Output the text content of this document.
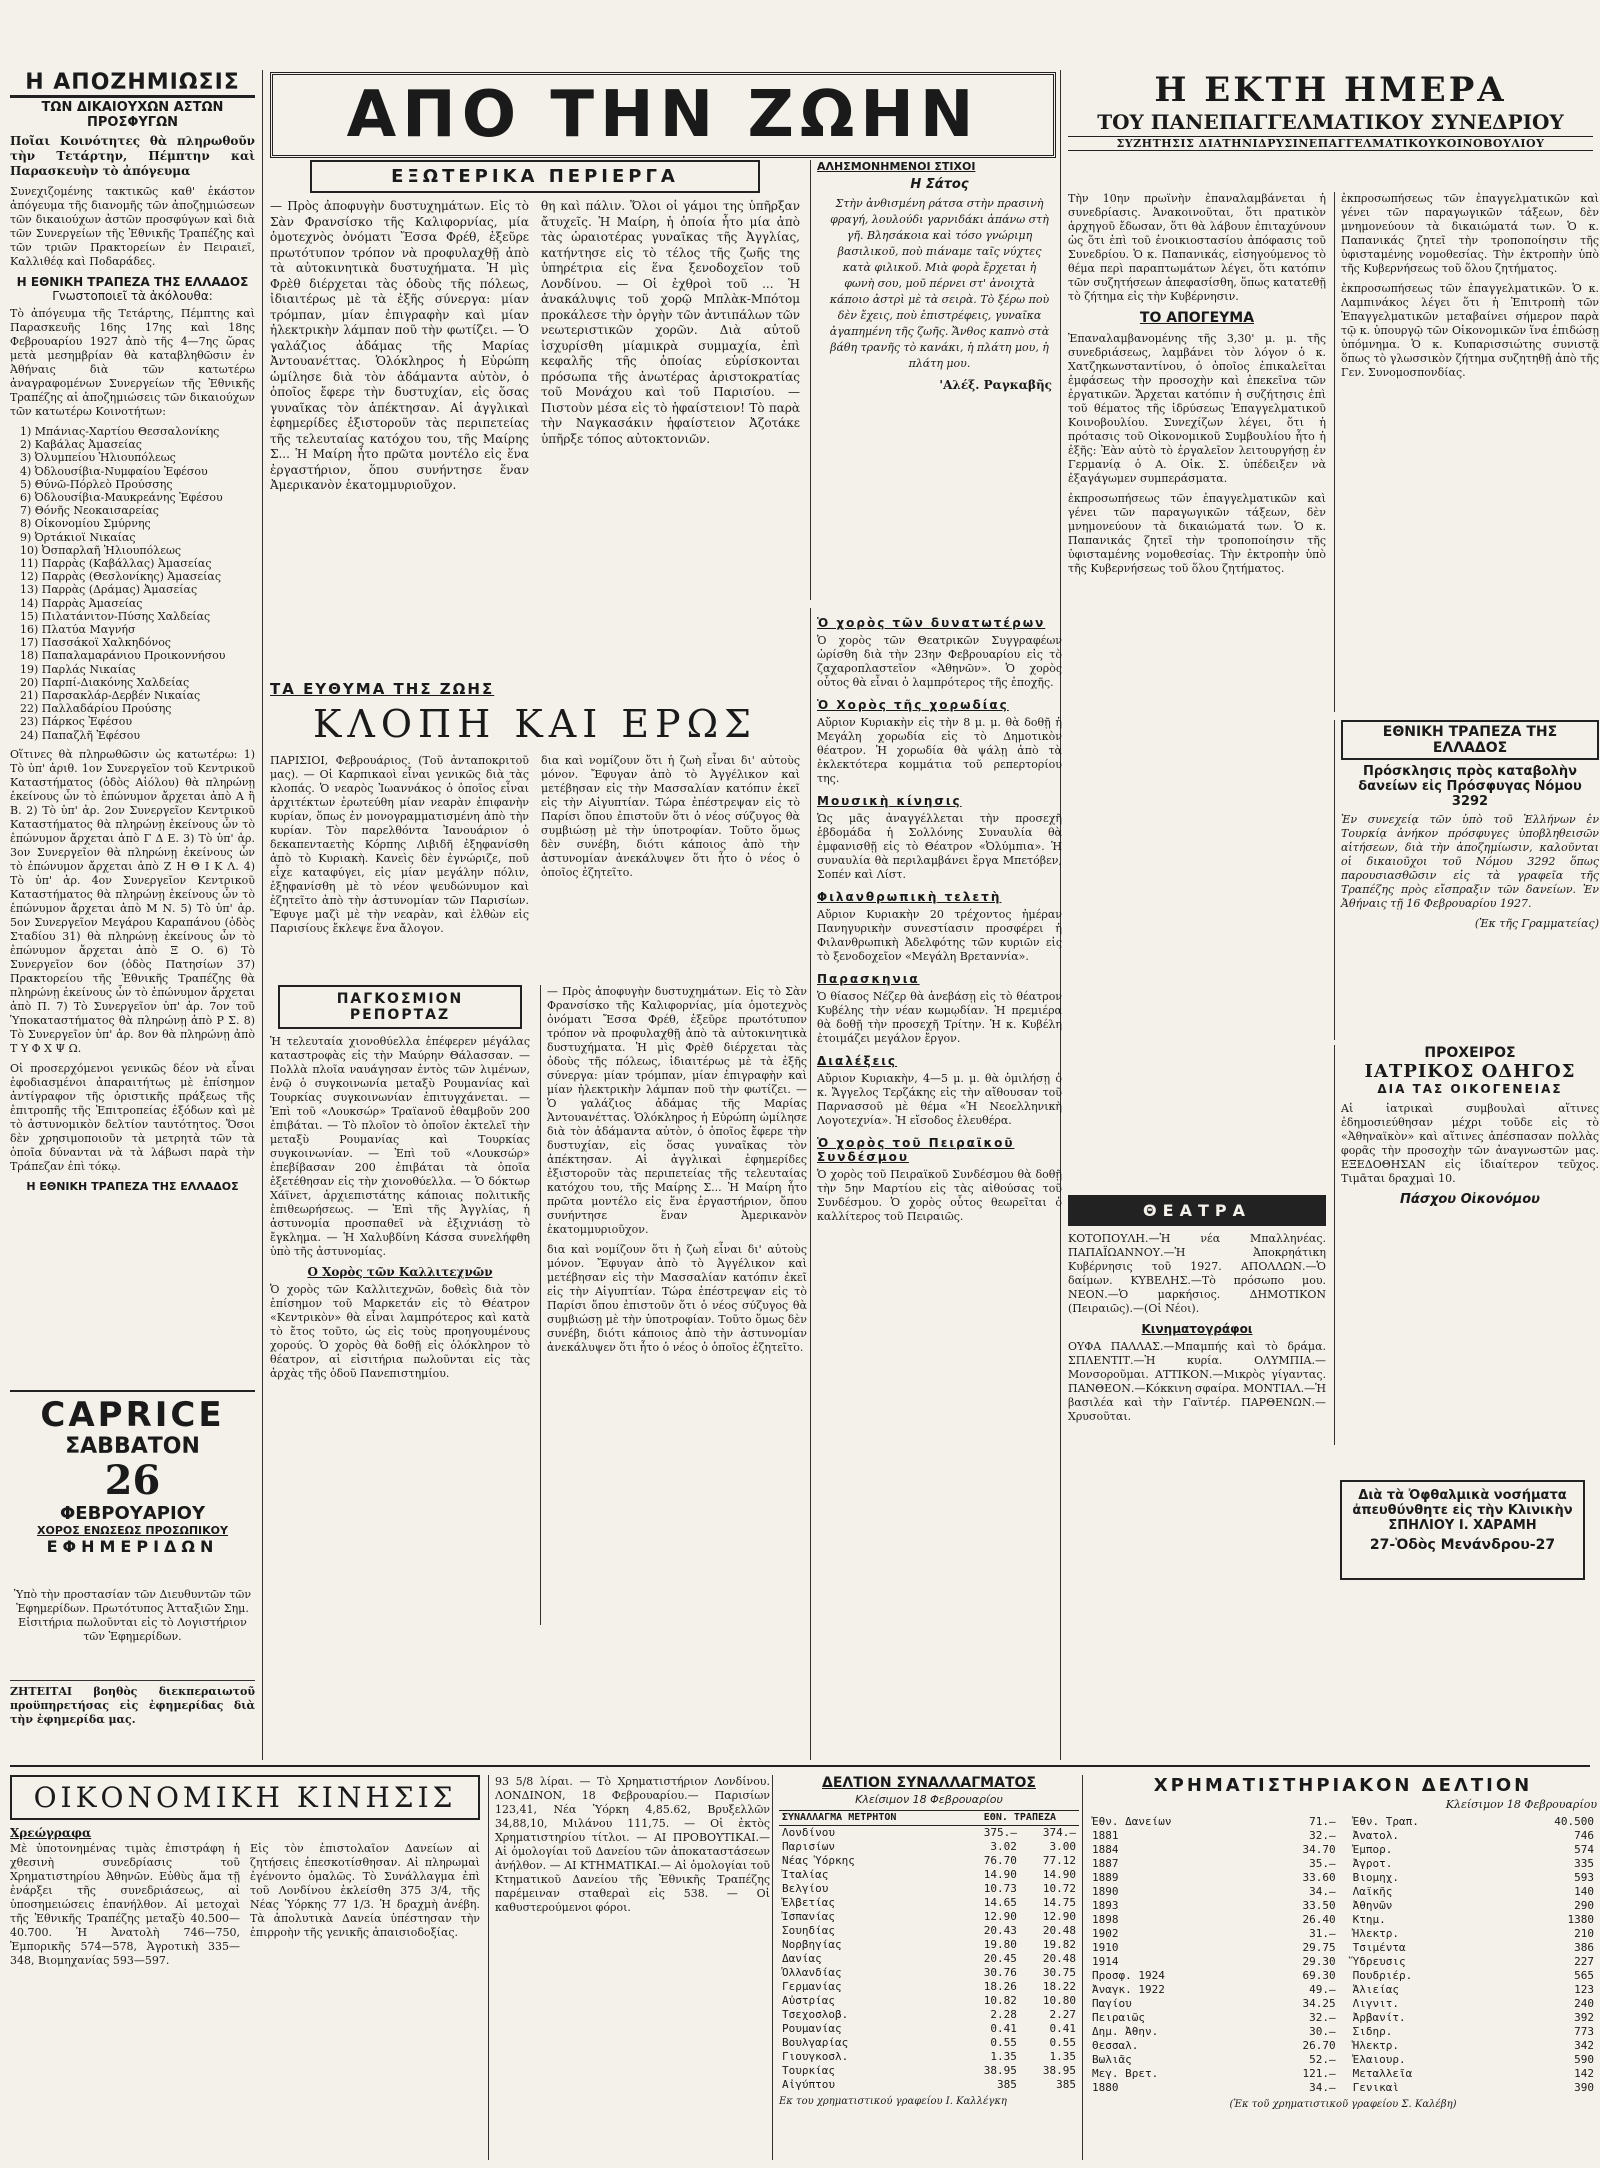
Η ΑΠΟΖΗΜΙΩΣΙΣ
ΤΩΝ ΔΙΚΑΙΟΥΧΩΝ ΑΣΤΩΝ ΠΡΟΣΦΥΓΩΝ

Ποῖαι Κοινότητες θὰ πληρωθοῦν τὴν Τετάρτην, Πέμπτην καὶ Παρασκευὴν τὸ ἀπόγευμα

Συνεχιζομένης τακτικῶς καθ' ἑκάστον ἀπόγευμα τῆς διανομῆς τῶν ἀποζημιώσεων τῶν δικαιούχων ἀστῶν προσφύγων καὶ διὰ τῶν Συνεργείων τῆς Ἐθνικῆς Τραπέζης καὶ τῶν τριῶν Πρακτορείων ἐν Πειραιεῖ, Καλλιθέᾳ καὶ Ποδαράδες.

Η ΕΘΝΙΚΗ ΤΡΑΠΕΖΑ ΤΗΣ ΕΛΛΑΔΟΣ
Γνωστοποιεῖ τὰ ἀκόλουθα:

Τὸ ἀπόγευμα τῆς Τετάρτης, Πέμπτης καὶ Παρασκευῆς 16ης 17ης καὶ 18ης Φεβρουαρίου 1927 ἀπὸ τῆς 4—7ης ὥρας μετὰ μεσημβρίαν θὰ καταβληθῶσιν ἐν Ἀθήναις διὰ τῶν κατωτέρω ἀναγραφομένων Συνεργείων τῆς Ἐθνικῆς Τραπέζης αἱ ἀποζημιώσεις τῶν δικαιούχων τῶν κατωτέρω Κοινοτήτων:

1) Μπάνιας-Χαρτίου Θεσσαλονίκης
2) Καβάλας Ἀμασείας
3) Ὀλυμπείου Ἡλιουπόλεως
4) Ὀδλουσίβια-Νυμφαίου Ἐφέσου
5) Θύνῶ-Πόρλεὸ Προύσσης
6) Ὀδλουσίβια-Μαυκρεάνης Ἐφέσου
7) Θόνῆς Νεοκαισαρείας
8) Οἰκονομίου Σμύρνης
9) Ὀρτάκιοϊ Νικαίας
10) Ὀσπαρλαῆ Ἡλιουπόλεως
11) Παρρὰς (Καβάλλας) Ἀμασείας
12) Παρρὰς (Θεσλονίκης) Ἀμασείας
13) Παρρὰς (Δράμας) Ἀμασείας
14) Παρρὰς Ἀμασείας
15) Πιλατάνιτον-Πύσης Χαλδείας
16) Πλατύα Μαγνήσ
17) Πασσάκοϊ Χαλκηδόνος
18) Παπαλαμαράνιου Προικοννήσου
19) Παρλάς Νικαίας
20) Παρπί-Διακόνης Χαλδείας
21) Παρσακλάρ-Δερβέν Νικαίας
22) Παλλαδάρίου Προύσης
23) Πάρκος Ἐφέσου
24) Παπαζλῆ Ἐφέσου

Οἵτινες θὰ πληρωθῶσιν ὡς κατωτέρω: 1) Τὸ ὑπ' ἀριθ. 1ον Συνεργεῖον τοῦ Κεντρικοῦ Καταστήματος (ὁδὸς Αἰόλου) θὰ πληρώνῃ ἐκείνους ὧν τὸ ἐπώνυμον ἄρχεται ἀπὸ Α ἢ Β. 2) Τὸ ὑπ' ἀρ. 2ον Συνεργεῖον Κεντρικοῦ Καταστήματος θὰ πληρώνῃ ἐκείνους ὧν τὸ ἐπώνυμον ἄρχεται ἀπὸ Γ Δ Ε. 3) Τὸ ὑπ' ἀρ. 3ον Συνεργεῖον θὰ πληρώνῃ ἐκείνους ὧν τὸ ἐπώνυμον ἄρχεται ἀπὸ Ζ Η Θ Ι Κ Λ. 4) Τὸ ὑπ' ἀρ. 4ον Συνεργεῖον Κεντρικοῦ Καταστήματος θὰ πληρώνῃ ἐκείνους ὧν τὸ ἐπώνυμον ἄρχεται ἀπὸ Μ Ν. 5) Τὸ ὑπ' ἀρ. 5ον Συνεργεῖον Μεγάρου Καραπάνου (ὁδὸς Σταδίου 31) θὰ πληρώνῃ ἐκείνους ὧν τὸ ἐπώνυμον ἄρχεται ἀπὸ Ξ Ο. 6) Τὸ Συνεργεῖον 6ον (ὁδὸς Πατησίων 37) Πρακτορείου τῆς Ἐθνικῆς Τραπέζης θὰ πληρώνῃ ἐκείνους ὧν τὸ ἐπώνυμον ἄρχεται ἀπὸ Π. 7) Τὸ Συνεργεῖον ὑπ' ἀρ. 7ον τοῦ Ὑποκαταστήματος θὰ πληρώνῃ ἀπὸ Ρ Σ. 8) Τὸ Συνεργεῖον ὑπ' ἀρ. 8ον θὰ πληρώνῃ ἀπὸ Τ Υ Φ Χ Ψ Ω.

Οἱ προσερχόμενοι γενικῶς δέον νὰ εἶναι ἐφοδιασμένοι ἀπαραιτήτως μὲ ἐπίσημον ἀντίγραφον τῆς ὁριστικῆς πράξεως τῆς ἐπιτροπῆς τῆς Ἐπιτροπείας ἐξόδων καὶ μὲ τὸ ἀστυνομικὸν δελτίον ταυτότητος. Ὅσοι δὲν χρησιμοποιοῦν τὰ μετρητὰ τῶν τὰ ὁποῖα δύνανται νὰ τὰ λάβωσι παρὰ τὴν Τράπεζαν ἐπὶ τόκῳ.

Η ΕΘΝΙΚΗ ΤΡΑΠΕΖΑ ΤΗΣ ΕΛΛΑΔΟΣ
CAPRICE
ΣΑΒΒΑΤΟΝ
26
ΦΕΒΡΟΥΑΡΙΟΥ
ΧΟΡΟΣ ΕΝΩΣΕΩΣ ΠΡΟΣΩΠΙΚΟΥ
ΕΦΗΜΕΡΙΔΩΝ

Ὑπὸ τὴν προστασίαν τῶν Διευθυντῶν τῶν Ἐφημερίδων. Πρωτότυπος Ἀτταξιῶν Σημ. Εἰσιτήρια πωλοῦνται εἰς τὸ Λογιστήριον τῶν Ἐφημερίδων.

ΖΗΤΕΙΤΑΙ βοηθὸς διεκπεραιωτοῦ προϋπηρετήσας εἰς ἐφημερίδας διὰ τὴν ἐφημερίδα μας.

ΑΠΟ ΤΗΝ ΖΩΗΝ
ΕΞΩΤΕΡΙΚΑ ΠΕΡΙΕΡΓΑ

— Πρὸς ἀποφυγὴν δυστυχημάτων. Εἰς τὸ Σὰν Φρανσίσκο τῆς Καλιφορνίας, μία ὁμοτεχνὸς ὀνόματι Ἔσσα Φρέθ, ἐξεῦρε πρωτότυπον τρόπον νὰ προφυλαχθῇ ἀπὸ τὰ αὐτοκινητικὰ δυστυχήματα. Ἡ μὶς Φρὲθ διέρχεται τὰς ὁδοὺς τῆς πόλεως, ἰδιαιτέρως μὲ τὰ ἐξῆς σύνεργα: μίαν τρόμπαν, μίαν ἐπιγραφὴν καὶ μίαν ἠλεκτρικὴν λάμπαν ποῦ τὴν φωτίζει. — Ὁ γαλάζιος ἀδάμας τῆς Μαρίας Ἀντουανέττας. Ὁλόκληρος ἡ Εὐρώπη ὡμίλησε διὰ τὸν ἀδάμαντα αὐτὸν, ὁ ὁποῖος ἔφερε τὴν δυστυχίαν, εἰς ὅσας γυναῖκας τὸν ἀπέκτησαν. Αἱ ἀγγλικαὶ ἐφημερίδες ἐξιστοροῦν τὰς περιπετείας τῆς τελευταίας κατόχου του, τῆς Μαίρης Σ... Ἡ Μαίρη ἦτο πρῶτα μοντέλο εἰς ἕνα ἐργαστήριον, ὅπου συνήντησε ἕναν Ἀμερικανὸν ἑκατομμυριοῦχον.

θη καὶ πάλιν. Ὅλοι οἱ γάμοι της ὑπῆρξαν ἄτυχεῖς. Ἡ Μαίρη, ἡ ὁποία ἦτο μία ἀπὸ τὰς ὡραιοτέρας γυναῖκας τῆς Ἀγγλίας, κατήντησε εἰς τὸ τέλος τῆς ζωῆς της ὑπηρέτρια εἰς ἕνα ξενοδοχεῖον τοῦ Λονδίνου. — Οἱ ἐχθροὶ τοῦ ... Ἡ ἀνακάλυψις τοῦ χορῷ Μπλὰκ-Μπότομ προκάλεσε τὴν ὀργὴν τῶν ἀντιπάλων τῶν νεωτεριστικῶν χορῶν. Διὰ αὐτοῦ ἰσχυρίσθη μίαμικρὰ συμμαχία, ἐπὶ κεφαλῆς τῆς ὁποίας εὑρίσκονται πρόσωπα τῆς ἀνωτέρας ἀριστοκρατίας τοῦ Μονάχου καὶ τοῦ Παρισίου. — Πιστοὺν μέσα εἰς τὸ ἡφαίστειον! Τὸ παρὰ τὴν Ναγκασάκιν ἡφαίστειον Ἀζοτάκε ὑπῆρξε τόπος αὐτοκτονιῶν.

ΑΛΗΣΜΟΝΗΜΕΝΟΙ ΣΤΙΧΟΙ
Η Σάτος

Στὴν ἀνθισμένη ράτσα στὴν πρασινὴ φραγή, λουλούδι γαρνιδάκι ἀπάνω στὴ γῆ. Βλησάκοια καὶ τόσο γνώριμη βασιλικοῦ, ποὺ πιάναμε ταῖς νύχτες κατὰ φιλικοῦ. Μιὰ φορὰ ἔρχεται ἡ φωνὴ σου, μοῦ πέρνει στ' ἀνοιχτὰ κάποιο ἀστρὶ μὲ τὰ σειρὰ. Τὸ ξέρω ποὺ δὲν ἔχεις, ποὺ ἐπιστρέφεις, γυναῖκα ἀγαπημένη τῆς ζωῆς. Ἄνθος καπνὸ στὰ βάθη τρανῆς τὸ κανάκι, ἡ πλάτη μου, ἡ πλάτη μου.

'Αλέξ. Ραγκαβῆς
Ὁ χορὸς τῶν δυνατωτέρων

Ὁ χορὸς τῶν Θεατρικῶν Συγγραφέων ὡρίσθη διὰ τὴν 23ην Φεβρουαρίου εἰς τὸ ζαχαροπλαστεῖον «Ἀθηνῶν». Ὁ χορὸς οὗτος θὰ εἶναι ὁ λαμπρότερος τῆς ἐποχῆς.

Ὁ Χορὸς τῆς χορωδίας

Αὔριον Κυριακὴν εἰς τὴν 8 μ. μ. θὰ δοθῇ ἡ Μεγάλη χορωδία εἰς τὸ Δημοτικὸν θέατρον. Ἡ χορωδία θὰ ψάλῃ ἀπὸ τὰ ἐκλεκτότερα κομμάτια τοῦ ρεπερτορίου της.

Μουσικὴ κίνησις

Ὡς μᾶς ἀναγγέλλεται τὴν προσεχῆ ἑβδομάδα ἡ Σολλόνης Συναυλία θὰ ἐμφανισθῇ εἰς τὸ Θέατρον «Ὀλύμπια». Ἡ συναυλία θὰ περιλαμβάνει ἔργα Μπετόβεν, Σοπέν καὶ Λίστ.

Φιλανθρωπικὴ τελετὴ

Αὔριον Κυριακὴν 20 τρέχοντος ἡμέραν Πανηγυρικὴν συνεστίασιν προσφέρει ἡ Φιλανθρωπικὴ Ἀδελφότης τῶν κυριῶν εἰς τὸ ξενοδοχεῖον «Μεγάλη Βρεταννία».

Παρασκηνια

Ὁ θίασος Νέζερ θὰ ἀνεβάσῃ εἰς τὸ θέατρον Κυβέλης τὴν νέαν κωμῳδίαν. Ἡ πρεμιέρα θὰ δοθῇ τὴν προσεχῆ Τρίτην. Ἡ κ. Κυβέλη ἐτοιμάζει μεγάλον ἔργον.

Διαλέξεις

Αὔριον Κυριακὴν, 4—5 μ. μ. θὰ ὁμιλήσῃ ὁ κ. Ἄγγελος Τερζάκης εἰς τὴν αἴθουσαν τοῦ Παρνασσοῦ μὲ θέμα «Ἡ Νεοελληνικὴ Λογοτεχνία». Ἡ εἴσοδος ἐλευθέρα.

Ὁ χορὸς τοῦ Πειραϊκοῦ Συνδέσμου

Ὁ χορὸς τοῦ Πειραϊκοῦ Συνδέσμου θὰ δοθῇ τὴν 5ην Μαρτίου εἰς τὰς αἰθούσας τοῦ Συνδέσμου. Ὁ χορὸς οὗτος θεωρεῖται ὁ καλλίτερος τοῦ Πειραιῶς.

ΤΑ ΕΥΘΥΜΑ ΤΗΣ ΖΩΗΣ
ΚΛΟΠΗ ΚΑΙ ΕΡΩΣ

ΠΑΡΙΣΙΟΙ, Φεβρουάριος. (Τοῦ ἀνταποκριτοῦ μας). — Οἱ Καρπικαοὶ εἶναι γενικῶς διὰ τὰς κλοπάς. Ὁ νεαρὸς Ἰωαννάκος ὁ ὁποῖος εἶναι ἀρχιτέκτων ἐρωτεύθη μίαν νεαρὰν ἐπιφανὴν κυρίαν, ὅπως ἐν μονογραμματισμένη ἀπὸ τὴν κυρίαν. Τὸν παρελθόντα Ἰανουάριον ὁ δεκαπενταετὴς Κόρπης Λιβιδῆ ἐξηφανίσθη ἀπὸ τὸ Κυριακὴ. Κανεὶς δὲν ἐγνώριζε, ποῦ εἶχε καταφύγει, εἰς μίαν μεγάλην πόλιν, ἐξηφανίσθη μὲ τὸ νέον ψευδώνυμον καὶ ἐζητεῖτο ἀπὸ τὴν ἀστυνομίαν τῶν Παρισίων. Ἔφυγε μαζὶ μὲ τὴν νεαρὰν, καὶ ἐλθὼν εἰς Παρισίους ἔκλεψε ἕνα ἄλογον.

δια καὶ νομίζουν ὅτι ἡ ζωὴ εἶναι δι' αὐτοὺς μόνον. Ἔφυγαν ἀπὸ τὸ Ἀγγέλικον καὶ μετέβησαν εἰς τὴν Μασσαλίαν κατόπιν ἐκεῖ εἰς τὴν Αἰγυπτίαν. Τώρα ἐπέστρεψαν εἰς τὸ Παρίσι ὅπου ἐπιστοῦν ὅτι ὁ νέος σύζυγος θὰ συμβιώσῃ μὲ τὴν ὑποτροφίαν. Τοῦτο ὅμως δὲν συνέβη, διότι κάποιος ἀπὸ τὴν ἀστυνομίαν ἀνεκάλυψεν ὅτι ἦτο ὁ νέος ὁ ὁποῖος ἐζητεῖτο.

ΠΑΓΚΟΣΜΙΟΝ ΡΕΠΟΡΤΑΖ

Ἡ τελευταία χιονοθύελλα ἐπέφερεν μέγάλας καταστροφὰς εἰς τὴν Μαύρην Θάλασσαν. — Πολλὰ πλοῖα ναυάγησαν ἐντὸς τῶν λιμένων, ἐνῷ ὁ συγκοινωνία μεταξὺ Ρουμανίας καὶ Τουρκίας συγκοινωνίαν ἐπιτυγχάνεται. — Ἐπὶ τοῦ «Λουκσώρ» Τραϊανοῦ ἐθαμβοῦν 200 ἐπιβάται. — Τὸ πλοῖον τὸ ὁποῖον ἐκτελεῖ τὴν μεταξὺ Ρουμανίας καὶ Τουρκίας συγκοινωνίαν. — Ἐπὶ τοῦ «Λουκσώρ» ἐπεβίβασαν 200 ἐπιβάται τὰ ὁποῖα ἐξετέθησαν εἰς τὴν χιονοθύελλα. — Ὁ δόκτωρ Χάϊνετ, ἀρχιεπιστάτης κάποιας πολιτικῆς ἐπιθεωρήσεως. — Ἐπὶ τῆς Ἀγγλίας, ἡ ἀστυνομία προσπαθεῖ νὰ ἐξιχνιάσῃ τὸ ἔγκλημα. — Ἡ Χαλυβδίνη Κάσσα συνελήφθη ὑπὸ τῆς ἀστυνομίας.

Ο Χορὸς τῶν Καλλιτεχνῶν

Ὁ χορὸς τῶν Καλλιτεχνῶν, δοθεὶς διὰ τὸν ἐπίσημον τοῦ Μαρκετάν εἰς τὸ Θέατρον «Κεντρικὸν» θὰ εἶναι λαμπρότερος καὶ κατὰ τὸ ἔτος τοῦτο, ὡς εἰς τοὺς προηγουμένους χορούς. Ὁ χορὸς θὰ δοθῇ εἰς ὁλόκληρον τὸ θέατρον, αἱ εἰσιτήρια πωλοῦνται εἰς τὰς ἀρχὰς τῆς ὁδοῦ Πανεπιστημίου.

— Πρὸς ἀποφυγὴν δυστυχημάτων. Εἰς τὸ Σὰν Φρανσίσκο τῆς Καλιφορνίας, μία ὁμοτεχνὸς ὀνόματι Ἔσσα Φρέθ, ἐξεῦρε πρωτότυπον τρόπον νὰ προφυλαχθῇ ἀπὸ τὰ αὐτοκινητικὰ δυστυχήματα. Ἡ μὶς Φρὲθ διέρχεται τὰς ὁδοὺς τῆς πόλεως, ἰδιαιτέρως μὲ τὰ ἐξῆς σύνεργα: μίαν τρόμπαν, μίαν ἐπιγραφὴν καὶ μίαν ἠλεκτρικὴν λάμπαν ποῦ τὴν φωτίζει. — Ὁ γαλάζιος ἀδάμας τῆς Μαρίας Ἀντουανέττας. Ὁλόκληρος ἡ Εὐρώπη ὡμίλησε διὰ τὸν ἀδάμαντα αὐτὸν, ὁ ὁποῖος ἔφερε τὴν δυστυχίαν, εἰς ὅσας γυναῖκας τὸν ἀπέκτησαν. Αἱ ἀγγλικαὶ ἐφημερίδες ἐξιστοροῦν τὰς περιπετείας τῆς τελευταίας κατόχου του, τῆς Μαίρης Σ... Ἡ Μαίρη ἦτο πρῶτα μοντέλο εἰς ἕνα ἐργαστήριον, ὅπου συνήντησε ἕναν Ἀμερικανὸν ἑκατομμυριοῦχον.

δια καὶ νομίζουν ὅτι ἡ ζωὴ εἶναι δι' αὐτοὺς μόνον. Ἔφυγαν ἀπὸ τὸ Ἀγγέλικον καὶ μετέβησαν εἰς τὴν Μασσαλίαν κατόπιν ἐκεῖ εἰς τὴν Αἰγυπτίαν. Τώρα ἐπέστρεψαν εἰς τὸ Παρίσι ὅπου ἐπιστοῦν ὅτι ὁ νέος σύζυγος θὰ συμβιώσῃ μὲ τὴν ὑποτροφίαν. Τοῦτο ὅμως δὲν συνέβη, διότι κάποιος ἀπὸ τὴν ἀστυνομίαν ἀνεκάλυψεν ὅτι ἦτο ὁ νέος ὁ ὁποῖος ἐζητεῖτο.

Η ΕΚΤΗ ΗΜΕΡΑ
ΤΟΥ ΠΑΝΕΠΑΓΓΕΛΜΑΤΙΚΟΥ ΣΥΝΕΔΡΙΟΥ
ΣΥΖΗΤΗΣΙΣ ΔΙΑΤΗΝΙΔΡΥΣΙΝΕΠΑΓΓΕΛΜΑΤΙΚΟΥΚΟΙΝΟΒΟΥΛΙΟΥ

Τὴν 10ην πρωϊνὴν ἐπαναλαμβάνεται ἡ συνεδρίασις. Ἀνακοινοῦται, ὅτι πρατικὸν ἀρχηγοῦ ἔδωσαν, ὅτι θὰ λάβουν ἐπιταχύνουν ὡς ὅτι ἐπὶ τοῦ ἐνοικιοστασίου ἀπόφασις τοῦ Συνεδρίου. Ὁ κ. Παπανικάς, εἰσηγούμενος τὸ θέμα περὶ παραπτωμάτων λέγει, ὅτι κατόπιν τῶν συζητήσεων ἀπεφασίσθη, ὅπως κατατεθῇ τὸ ζήτημα εἰς τὴν Κυβέρνησιν.

ΤΟ ΑΠΟΓΕΥΜΑ

Ἐπαναλαμβανομένης τῆς 3,30' μ. μ. τῆς συνεδριάσεως, λαμβάνει τὸν λόγον ὁ κ. Χατζηκωνσταντίνου, ὁ ὁποῖος ἐπικαλεῖται ἐμφάσεως τὴν προσοχὴν καὶ ἐπεκεῖνα τῶν ἐργατικῶν. Ἄρχεται κατόπιν ἡ συζήτησις ἐπὶ τοῦ θέματος τῆς ἱδρύσεως Ἐπαγγελματικοῦ Κοινοβουλίου. Συνεχίζων λέγει, ὅτι ἡ πρότασις τοῦ Οἰκονομικοῦ Συμβουλίου ἦτο ἡ ἐξῆς: Ἐὰν αὐτὸ τὸ ἐργαλεῖον λειτουργήσῃ ἐν Γερμανίᾳ ὁ Α. Οἰκ. Σ. ὑπέδειξεν νὰ ἐξαγάγωμεν συμπεράσματα.

ἐκπροσωπήσεως τῶν ἐπαγγελματικῶν καὶ γένει τῶν παραγωγικῶν τάξεων, δὲν μνημονεύουν τὰ δικαιώματά των. Ὁ κ. Παπανικάς ζητεῖ τὴν τροποποίησιν τῆς ὑφισταμένης νομοθεσίας. Τὴν ἐκτροπὴν ὑπὸ τῆς Κυβερνήσεως τοῦ ὅλου ζητήματος.

ἐκπροσωπήσεως τῶν ἐπαγγελματικῶν καὶ γένει τῶν παραγωγικῶν τάξεων, δὲν μνημονεύουν τὰ δικαιώματά των. Ὁ κ. Παπανικάς ζητεῖ τὴν τροποποίησιν τῆς ὑφισταμένης νομοθεσίας. Τὴν ἐκτροπὴν ὑπὸ τῆς Κυβερνήσεως τοῦ ὅλου ζητήματος.

ἐκπροσωπήσεως τῶν ἐπαγγελματικῶν. Ὁ κ. Λαμπινάκος λέγει ὅτι ἡ Ἐπιτροπὴ τῶν Ἐπαγγελματικῶν μεταβαίνει σήμερον παρὰ τῷ κ. ὑπουργῷ τῶν Οἰκονομικῶν ἵνα ἐπιδώσῃ ὑπόμνημα. Ὁ κ. Κυπαρισσιώτης συνιστᾷ ὅπως τὸ γλωσσικὸν ζήτημα συζητηθῇ ἀπὸ τῆς Γεν. Συνομοσπονδίας.

ΕΘΝΙΚΗ ΤΡΑΠΕΖΑ ΤΗΣ ΕΛΛΑΔΟΣ
Πρόσκλησις πρὸς καταβολὴν δανείων εἰς Πρόσφυγας Νόμου 3292

Ἐν συνεχείᾳ τῶν ὑπὸ τοῦ Ἐλλήνων ἐν Τουρκίᾳ ἀνήκον πρόσφυγες ὑποβληθεισῶν αἰτήσεων, διὰ τὴν ἀποζημίωσιν, καλοῦνται οἱ δικαιοῦχοι τοῦ Νόμου 3292 ὅπως παρουσιασθῶσιν εἰς τὰ γραφεῖα τῆς Τραπέζης πρὸς εἴσπραξιν τῶν δανείων. Ἐν Ἀθήναις τῇ 16 Φεβρουαρίου 1927.

(Ἐκ τῆς Γραμματείας)
ΘΕΑΤΡΑ

ΚΟΤΟΠΟΥΛΗ.—Ἡ νέα Μπαλληνέας. ΠΑΠΑΪΩΑΝΝΟΥ.—Ἡ Ἀποκρηάτικη Κυβέρνησις τοῦ 1927. ΑΠΟΛΛΩΝ.—Ὁ δαίμων. ΚΥΒΕΛΗΣ.—Τὸ πρόσωπο μου. ΝΕΟΝ.—Ὁ μαρκήσιος. ΔΗΜΟΤΙΚΟΝ (Πειραιῶς).—(Οἱ Νέοι).

Κινηματογράφοι

ΟΥΦΑ ΠΑΛΛΑΣ.—Μπαμπής καὶ τὸ δράμα. ΣΠΛΕΝΤΙΤ.—Ἡ κυρία. ΟΛΥΜΠΙΑ.—Μονσοροῦμαι. ΑΤΤΙΚΟΝ.—Μικρὸς γίγαντας. ΠΑΝΘΕΟΝ.—Κόκκινη σφαίρα. ΜΟΝΤΙΑΛ.—Ἡ βασιλέα καὶ τὴν Γαϊντέρ. ΠΑΡΘΕΝΩΝ.—Χρυσοῦται.

ΠΡΟΧΕΙΡΟΣ
ΙΑΤΡΙΚΟΣ ΟΔΗΓΟΣ
ΔΙΑ ΤΑΣ ΟΙΚΟΓΕΝΕΙΑΣ

Αἱ ἱατρικαὶ συμβουλαὶ αἵτινες ἐδημοσιεύθησαν μέχρι τοῦδε εἰς τὸ «Ἀθηναϊκὸν» καὶ αἵτινες ἀπέσπασαν πολλὰς φορᾶς τὴν προσοχὴν τῶν ἀναγνωστῶν μας. ΕΞΕΔΟΘΗΣΑΝ εἰς ἰδιαίτερον τεῦχος. Τιμᾶται δραχμαὶ 10.

Πάσχου Οἰκονόμου
Διὰ τὰ Ὀφθαλμικὰ νοσήματα ἀπευθύνθητε εἰς τὴν Κλινικὴν ΣΠΗΛΙΟΥ Ι. ΧΑΡΑΜΗ
27-Ὁδὸς Μενάνδρου-27
ΟΙΚΟΝΟΜΙΚΗ ΚΙΝΗΣΙΣ
Χρεώγραφα

Μὲ ὑποτονημένας τιμὰς ἐπιστράφη ἡ χθεσινὴ συνεδρίασις τοῦ Χρηματιστηρίου Ἀθηνῶν. Εὐθὺς ἅμα τῇ ἐνάρξει τῆς συνεδριάσεως, αἱ ὑποσημειώσεις ἐπανήλθον. Αἱ μετοχαὶ τῆς Ἐθνικῆς Τραπέζης μεταξὺ 40.500—40.700. Ἡ Ἀνατολὴ 746—750, Ἐμπορικῆς 574—578, Ἀγροτικὴ 335—348, Βιομηχανίας 593—597.

Εἰς τὸν ἐπιστολαῖον Δανείων αἱ ζητήσεις ἐπεσκοτίσθησαν. Αἱ πληρωμαὶ ἐγένοντο ὁμαλῶς. Τὸ Συνάλλαγμα ἐπὶ τοῦ Λονδίνου ἐκλείσθη 375 3/4, τῆς Νέας Ὑόρκης 77 1/3. Ἡ δραχμὴ ἀνέβη. Τὰ ἀπολυτικὰ Δανεία ὑπέστησαν τὴν ἐπιρροὴν τῆς γενικῆς ἀπαισιοδοξίας.

93 5/8 λίραι. — Τὸ Χρηματιστήριον Λονδίνου. ΛΟΝΔΙΝΟΝ, 18 Φεβρουαρίου.— Παρισίων 123,41, Νέα Ὑόρκη 4,85.62, Βρυξελλῶν 34,88,10, Μιλάνου 111,75. — Οἱ ἐκτὸς Χρηματιστηρίου τίτλοι. — ΑΙ ΠΡΟΒΟΥΤΙΚΑΙ.— Αἱ ὁμολογίαι τοῦ Δανείου τῶν ἀποκαταστάσεων ἀνήλθον. — ΑΙ ΚΤΗΜΑΤΙΚΑΙ.— Αἱ ὁμολογίαι τοῦ Κτηματικοῦ Δανείου τῆς Ἐθνικῆς Τραπέζης παρέμειναν σταθεραὶ εἰς 538. — Οἱ καθυστερούμενοι φόροι.

ΔΕΛΤΙΟΝ ΣΥΝΑΛΛΑΓΜΑΤΟΣ
Κλείσιμον 18 Φεβρουαρίου
ΣΥΝΑΛΛΑΓΜΑ ΜΕΤΡΗΤΟΝ	ΕΘΝ. ΤΡΑΠΕΖΑ	
Λονδίνου	375.—	374.—
Παρισίων	3.02	3.00
Νέας Ὑόρκης	76.70	77.12
Ἰταλίας	14.90	14.90
Βελγίου	10.73	10.72
Ἑλβετίας	14.65	14.75
Ἰσπανίας	12.90	12.90
Σουηδίας	20.43	20.48
Νορβηγίας	19.80	19.82
Δανίας	20.45	20.48
Ὁλλανδίας	30.76	30.75
Γερμανίας	18.26	18.22
Αὐστρίας	10.82	10.80
Τσεχοσλοβ.	2.28	2.27
Ρουμανίας	0.41	0.41
Βουλγαρίας	0.55	0.55
Γιουγκοσλ.	1.35	1.35
Τουρκίας	38.95	38.95
Αἰγύπτου	385	385
Εκ του χρηματιστικού γραφείου Ι. Καλλέγκη
ΧΡΗΜΑΤΙΣΤΗΡΙΑΚΟΝ ΔΕΛΤΙΟΝ
Κλείσιμον 18 Φεβρουαρίου
Ἐθν. Δανείων	71.—	Ἐθν. Τραπ.	40.500
1881	32.—	Ἀνατολ.	746
1884	34.70	Ἐμπορ.	574
1887	35.—	Ἀγροτ.	335
1889	33.60	Βιομηχ.	593
1890	34.—	Λαϊκῆς	140
1893	33.50	Ἀθηνῶν	290
1898	26.40	Κτημ.	1380
1902	31.—	Ἠλεκτρ.	210
1910	29.75	Τσιμέντα	386
1914	29.30	Ὕδρευσις	227
Προσφ. 1924	69.30	Πουδριέρ.	565
Ἀναγκ. 1922	49.—	Ἁλιείας	123
Παγίου	34.25	Λιγνιτ.	240
Πειραιῶς	32.—	Ἀρβανίτ.	392
Δημ. Ἀθην.	30.—	Σιδηρ.	773
Θεσσαλ.	26.70	Ἡλεκτρ.	342
Βωλιᾶς	52.—	Ἐλαιουρ.	590
Μεγ. Βρετ.	121.—	Μεταλλεῖα	142
1880	34.—	Γενικαὶ	390
(Ἐκ τοῦ χρηματιστικοῦ γραφείου Σ. Καλέβη)
